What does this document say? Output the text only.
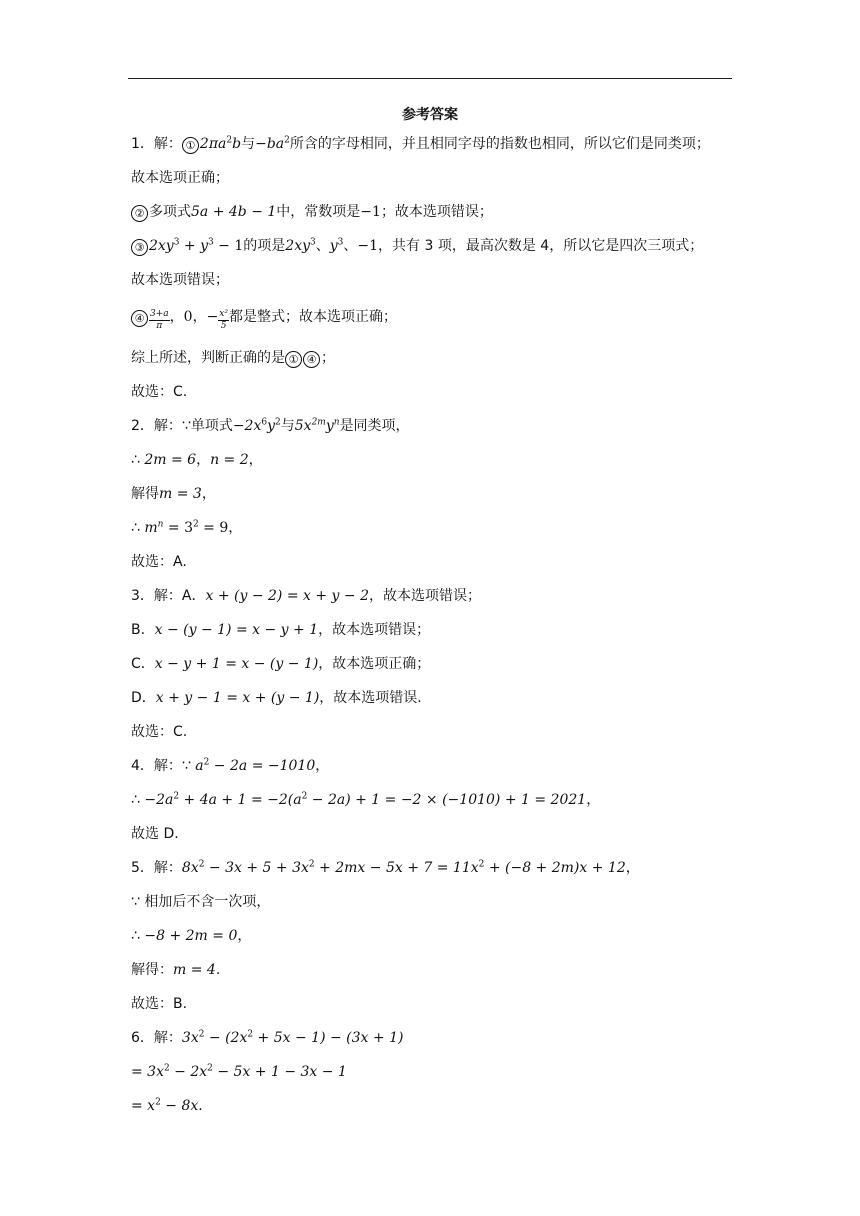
参考答案
1．解： ① $2\pi a^2b$与$-ba^2$所含的字母相同，并且相同字母的指数也相同，所以它们是同类项；
故本选项正确；
② 多项式5a + 4b − 1中，常数项是−1；故本选项错误；
③ $2xy^3 + y^3 - 1$的项是$2xy^3$、$y^3$、−1，共有 3 项，最高次数是 4，所以它是四次三项式；
故本选项错误；
④ $\frac{3+a}{\pi}$ ，0，− $\frac{\text{x²}}{5}$ 都是整式；故本选项正确；
综上所述，判断正确的是 ① ④ ；
故选：C.
2．解：∵单项式$-2x^6y^2$与$5x^{2m}y^n$是同类项，
∴ 2m = 6，n = 2，
解得m = 3，
∴ $m^n = 3^2 = 9$，
故选：A.
3．解：A．x + (y − 2) = x + y − 2，故本选项错误；
B．x − (y − 1) = x − y + 1，故本选项错误；
C．x − y + 1 = x − (y − 1)，故本选项正确；
D．x + y − 1 = x + (y − 1)，故本选项错误.
故选：C.
4．解：∵ $a^2 - 2a = -1010$，
∴ $-2a^2 + 4a + 1 = -2(a^2 - 2a) + 1 = -2 \times (-1010) + 1 = 2021$，
故选 D.
5．解：$8x^2 - 3x + 5 + 3x^2 + 2mx - 5x + 7 = 11x^2 + (-8 + 2m)x + 12$，
∵ 相加后不含一次项，
∴ −8 + 2m = 0，
解得：m = 4.
故选：B.
6．解：$3x^2 - (2x^2 + 5x - 1) - (3x + 1)$
= $3x^2 - 2x^2 - 5x + 1 - 3x - 1$
= $x^2 - 8x$.
